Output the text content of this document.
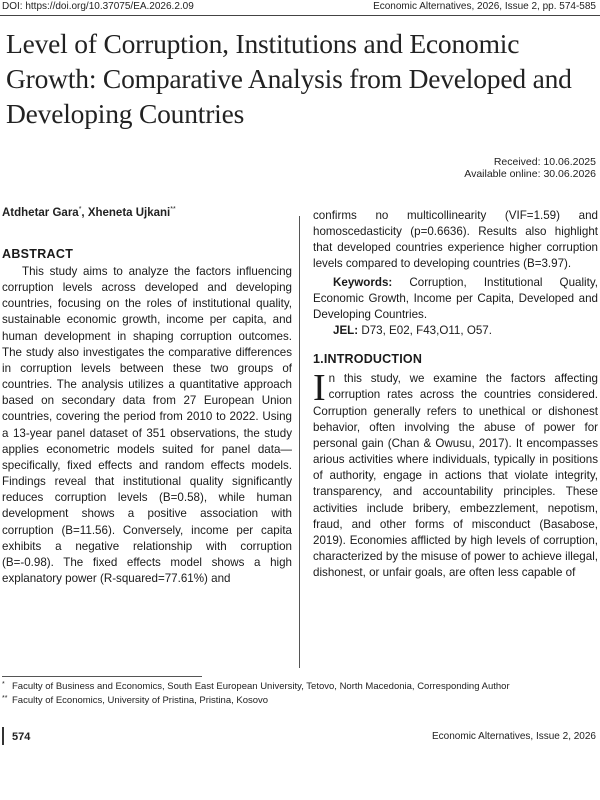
DOI: https://doi.org/10.37075/EA.2026.2.09	Economic Alternatives, 2026, Issue 2, pp. 574-585
Level of Corruption, Institutions and Economic Growth: Comparative Analysis from Developed and Developing Countries
Received: 10.06.2025
Available online: 30.06.2026
Atdhetar Gara*, Xheneta Ujkani**
ABSTRACT

This study aims to analyze the factors influencing corruption levels across developed and developing countries, focusing on the roles of institutional quality, sustainable economic growth, income per capita, and human development in shaping corruption outcomes. The study also investigates the comparative differences in corruption levels between these two groups of countries. The analysis utilizes a quantitative approach based on secondary data from 27 European Union countries, covering the period from 2010 to 2022. Using a 13-year panel dataset of 351 observations, the study applies econometric models suited for panel data—specifically, fixed effects and random effects models. Findings reveal that institutional quality significantly reduces corruption levels (B=0.58), while human development shows a positive association with corruption (B=11.56). Conversely, income per capita exhibits a negative relationship with corruption (B=-0.98). The fixed effects model shows a high explanatory power (R-squared=77.61%) and

confirms no multicollinearity (VIF=1.59) and homoscedasticity (p=0.6636). Results also highlight that developed countries experience higher corruption levels compared to developing countries (B=3.97).

Keywords: Corruption, Institutional Quality, Economic Growth, Income per Capita, Developed and Developing Countries.

JEL: D73, E02, F43,O11, O57.

1.INTRODUCTION

In this study, we examine the factors affecting corruption rates across the countries considered. Corruption generally refers to unethical or dishonest behavior, often involving the abuse of power for personal gain (Chan & Owusu, 2017). It encompasses arious activities where individuals, typically in positions of authority, engage in actions that violate integrity, transparency, and accountability principles. These activities include bribery, embezzlement, nepotism, fraud, and other forms of misconduct (Basabose, 2019). Economies afflicted by high levels of corruption, characterized by the misuse of power to achieve illegal, dishonest, or unfair goals, are often less capable of

* Faculty of Business and Economics, South East European University, Tetovo, North Macedonia, Corresponding Author
** Faculty of Economics, University of Pristina, Pristina, Kosovo
574	Economic Alternatives, Issue 2, 2026
